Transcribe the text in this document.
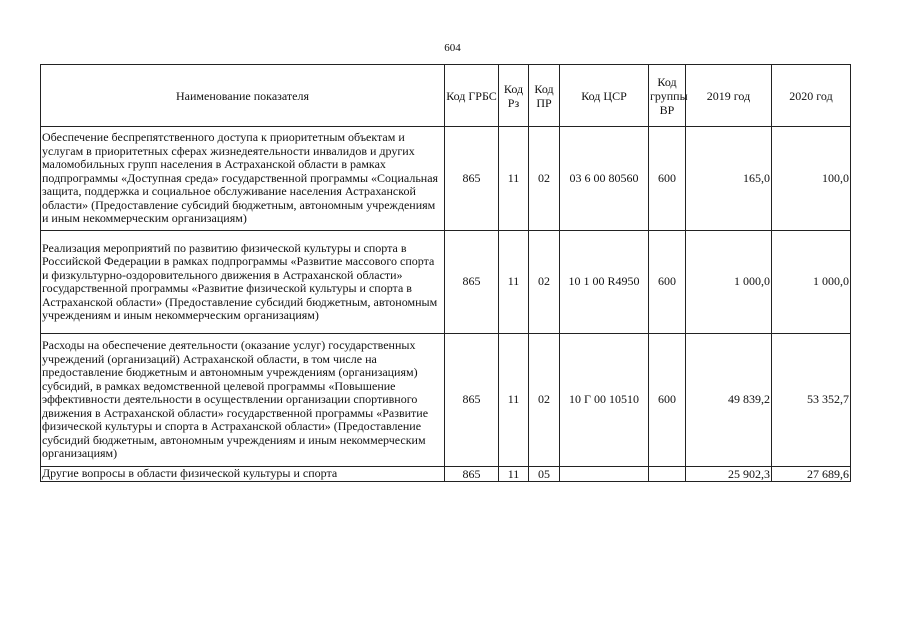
604
Наименование показателя	Код ГРБС	Код Рз	Код ПР	Код ЦСР	Код группы ВР	2019 год	2020 год
Обеспечение беспрепятственного доступа к приоритетным объектам и услугам в приоритетных сферах жизнедеятельности инвалидов и других маломобильных групп населения в Астраханской области в рамках подпрограммы «Доступная среда» государственной программы «Социальная защита, поддержка и социальное обслуживание населения Астраханской области» (Предоставление субсидий бюджетным, автономным учреждениям и иным некоммерческим организациям)	865	11	02	03 6 00 80560	600	165,0	100,0
Реализация мероприятий по развитию физической культуры и спорта в Российской Федерации в рамках подпрограммы «Развитие массового спорта и физкультурно-оздоровительного движения в Астраханской области» государственной программы «Развитие физической культуры и спорта в Астраханской области» (Предоставление субсидий бюджетным, автономным учреждениям и иным некоммерческим организациям)	865	11	02	10 1 00 R4950	600	1 000,0	1 000,0
Расходы на обеспечение деятельности (оказание услуг) государственных учреждений (организаций) Астраханской области, в том числе на предоставление бюджетным и автономным учреждениям (организациям) субсидий, в рамках ведомственной целевой программы «Повышение эффективности деятельности в осуществлении организации спортивного движения в Астраханской области» государственной программы «Развитие физической культуры и спорта в Астраханской области» (Предоставление субсидий бюджетным, автономным учреждениям и иным некоммерческим организациям)	865	11	02	10 Г 00 10510	600	49 839,2	53 352,7
Другие вопросы в области физической культуры и спорта	865	11	05			25 902,3	27 689,6
